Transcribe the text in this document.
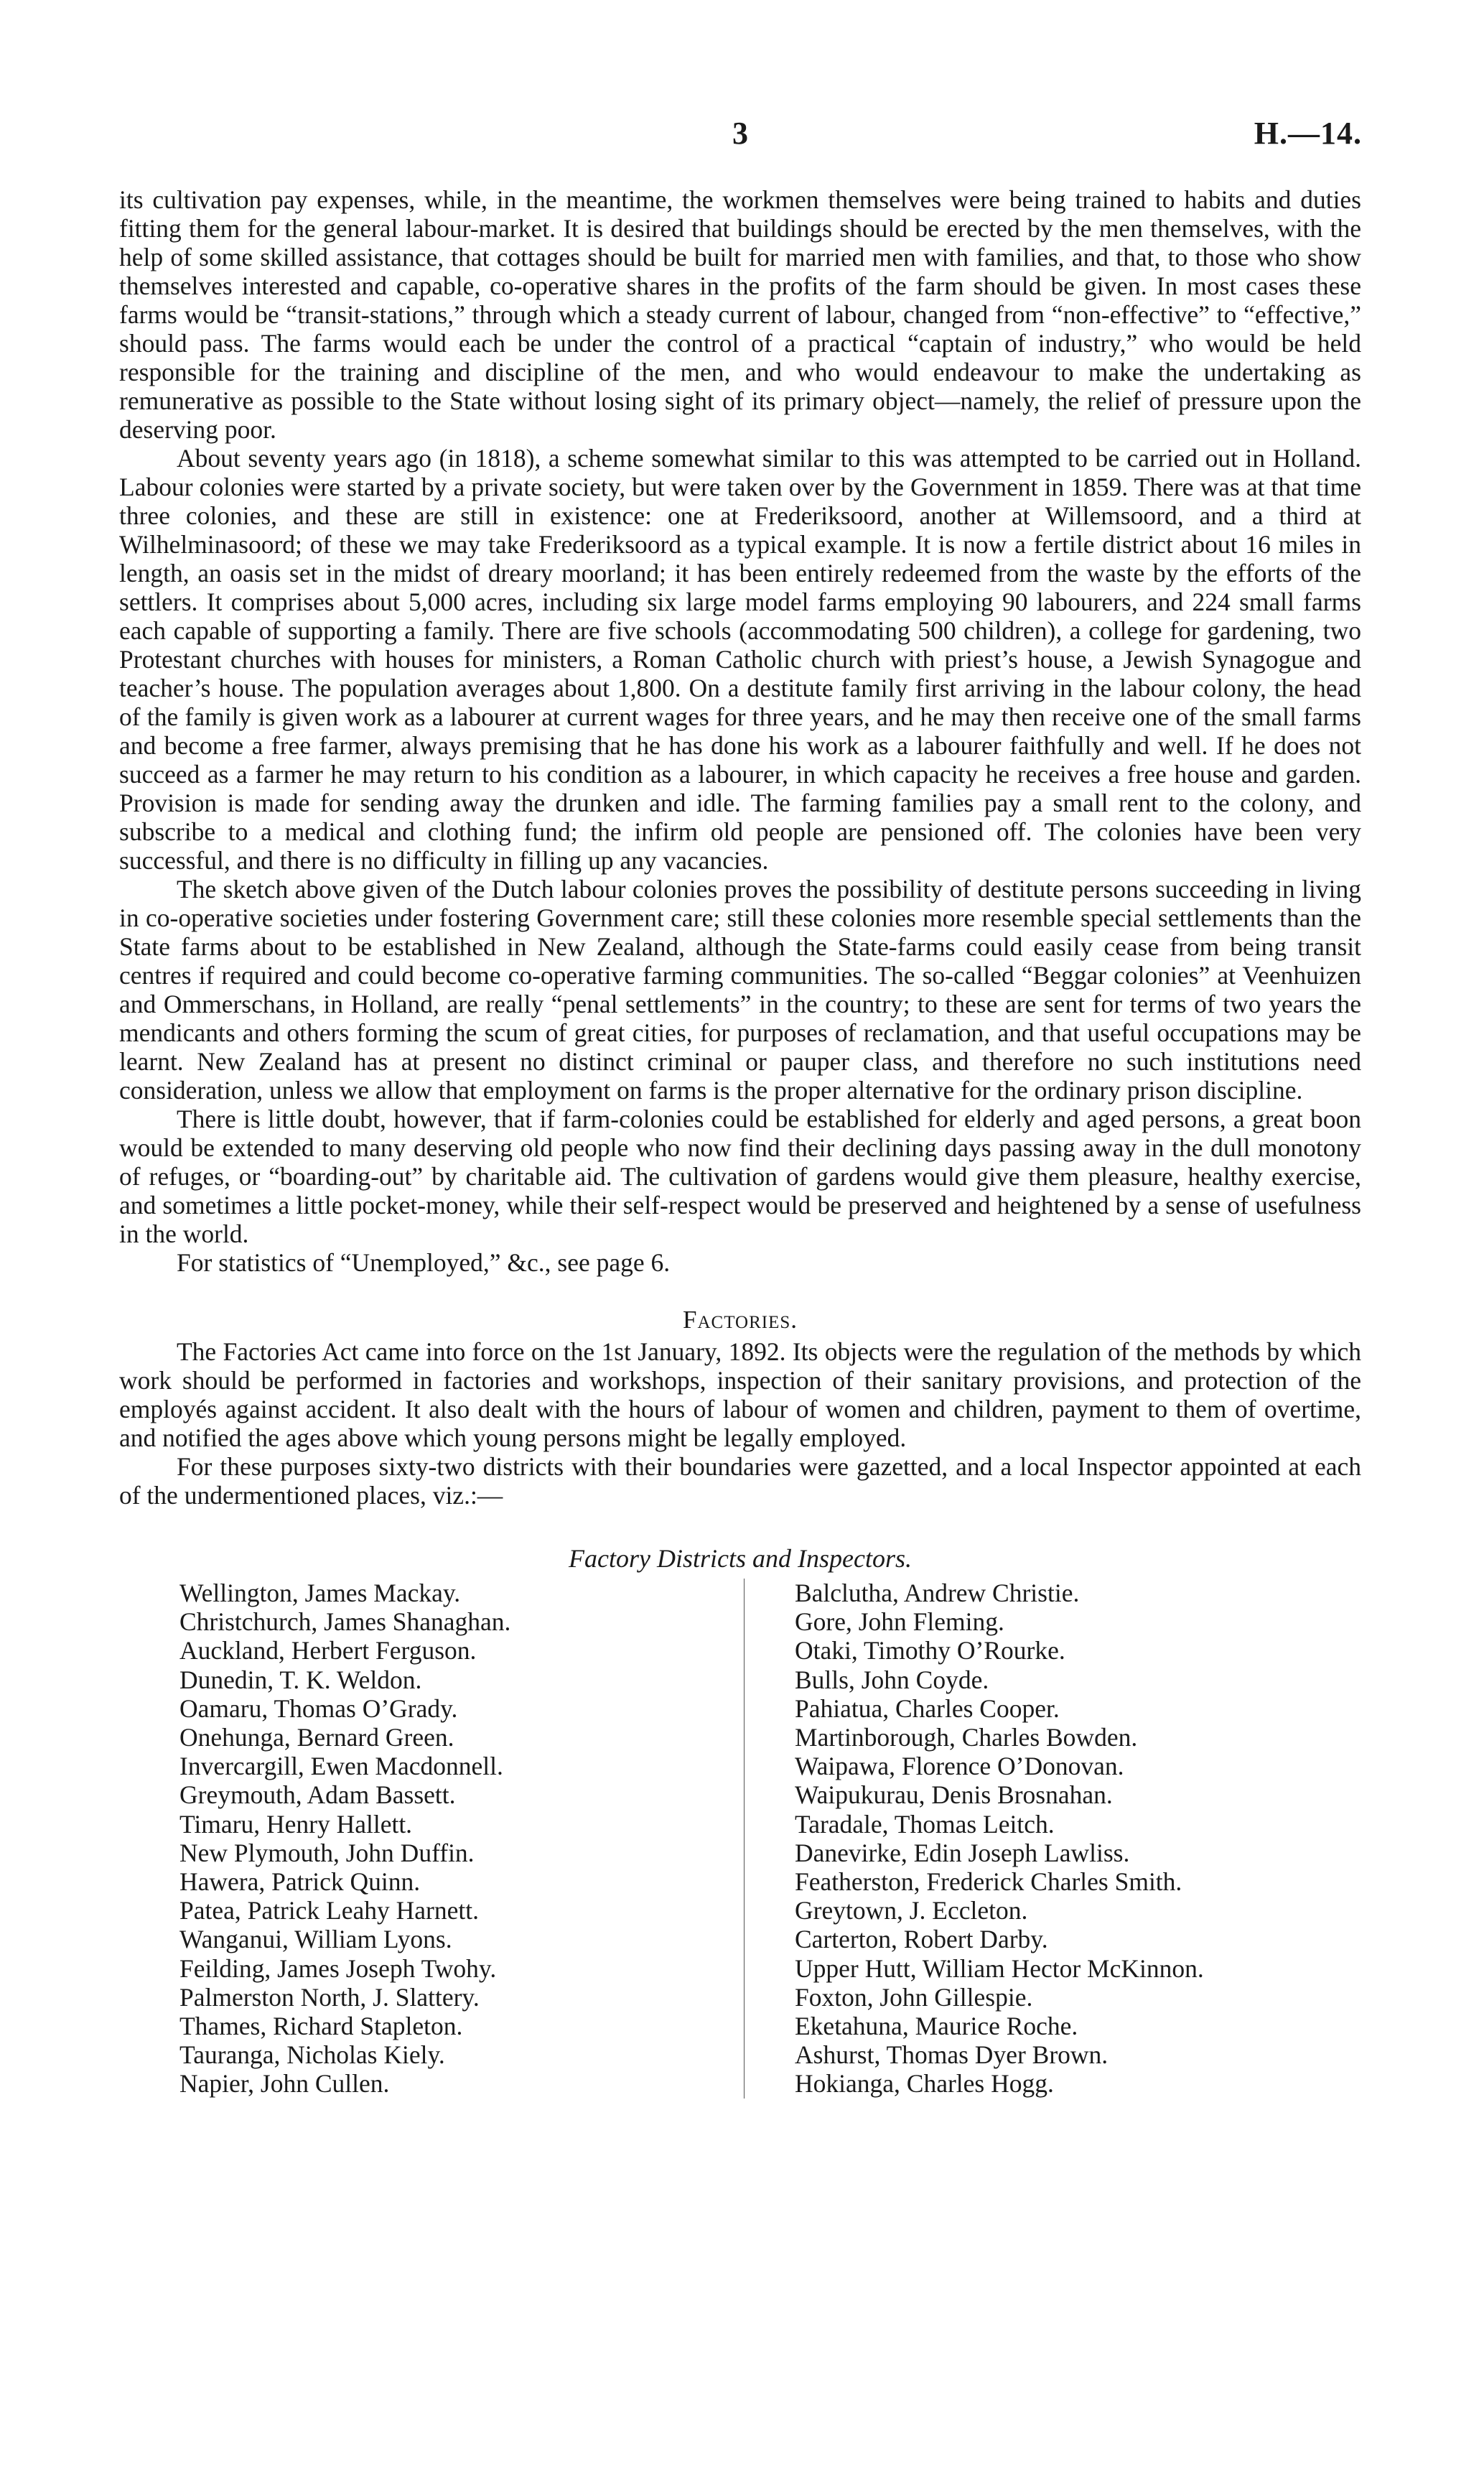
3	H.—14.

its cultivation pay expenses, while, in the meantime, the workmen themselves were being trained to habits and duties fitting them for the general labour-market. It is desired that buildings should be erected by the men themselves, with the help of some skilled assistance, that cottages should be built for married men with families, and that, to those who show themselves interested and capable, co-operative shares in the profits of the farm should be given. In most cases these farms would be “transit-stations,” through which a steady current of labour, changed from “non-effective” to “effective,” should pass. The farms would each be under the control of a practical “captain of industry,” who would be held responsible for the training and discipline of the men, and who would endeavour to make the undertaking as remunerative as possible to the State without losing sight of its primary object—namely, the relief of pressure upon the deserving poor.

About seventy years ago (in 1818), a scheme somewhat similar to this was attempted to be carried out in Holland. Labour colonies were started by a private society, but were taken over by the Government in 1859. There was at that time three colonies, and these are still in existence: one at Frederiksoord, another at Willemsoord, and a third at Wilhelminasoord; of these we may take Frederiksoord as a typical example. It is now a fertile district about 16 miles in length, an oasis set in the midst of dreary moorland; it has been entirely redeemed from the waste by the efforts of the settlers. It comprises about 5,000 acres, including six large model farms employing 90 labourers, and 224 small farms each capable of supporting a family. There are five schools (accommodating 500 children), a college for gardening, two Protestant churches with houses for ministers, a Roman Catholic church with priest’s house, a Jewish Synagogue and teacher’s house. The population averages about 1,800. On a destitute family first arriving in the labour colony, the head of the family is given work as a labourer at current wages for three years, and he may then receive one of the small farms and become a free farmer, always premising that he has done his work as a labourer faithfully and well. If he does not succeed as a farmer he may return to his condition as a labourer, in which capacity he receives a free house and garden. Provision is made for sending away the drunken and idle. The farming families pay a small rent to the colony, and subscribe to a medical and clothing fund; the infirm old people are pensioned off. The colonies have been very successful, and there is no difficulty in filling up any vacancies.

The sketch above given of the Dutch labour colonies proves the possibility of destitute persons succeeding in living in co-operative societies under fostering Government care; still these colonies more resemble special settlements than the State farms about to be established in New Zealand, although the State-farms could easily cease from being transit centres if required and could become co-operative farming communities. The so-called “Beggar colonies” at Veenhuizen and Ommerschans, in Holland, are really “penal settlements” in the country; to these are sent for terms of two years the mendicants and others forming the scum of great cities, for purposes of reclamation, and that useful occupations may be learnt. New Zealand has at present no distinct criminal or pauper class, and therefore no such institutions need consideration, unless we allow that employment on farms is the proper alternative for the ordinary prison discipline.

There is little doubt, however, that if farm-colonies could be established for elderly and aged persons, a great boon would be extended to many deserving old people who now find their declining days passing away in the dull monotony of refuges, or “boarding-out” by charitable aid. The cultivation of gardens would give them pleasure, healthy exercise, and sometimes a little pocket-money, while their self-respect would be preserved and heightened by a sense of usefulness in the world.

For statistics of “Unemployed,” &c., see page 6.

Factories.

The Factories Act came into force on the 1st January, 1892. Its objects were the regulation of the methods by which work should be performed in factories and workshops, inspection of their sanitary provisions, and protection of the employés against accident. It also dealt with the hours of labour of women and children, payment to them of overtime, and notified the ages above which young persons might be legally employed.

For these purposes sixty-two districts with their boundaries were gazetted, and a local Inspector appointed at each of the undermentioned places, viz.:—

Factory Districts and Inspectors.
Wellington, James Mackay.
Christchurch, James Shanaghan.
Auckland, Herbert Ferguson.
Dunedin, T. K. Weldon.
Oamaru, Thomas O’Grady.
Onehunga, Bernard Green.
Invercargill, Ewen Macdonnell.
Greymouth, Adam Bassett.
Timaru, Henry Hallett.
New Plymouth, John Duffin.
Hawera, Patrick Quinn.
Patea, Patrick Leahy Harnett.
Wanganui, William Lyons.
Feilding, James Joseph Twohy.
Palmerston North, J. Slattery.
Thames, Richard Stapleton.
Tauranga, Nicholas Kiely.
Napier, John Cullen.
Balclutha, Andrew Christie.
Gore, John Fleming.
Otaki, Timothy O’Rourke.
Bulls, John Coyde.
Pahiatua, Charles Cooper.
Martinborough, Charles Bowden.
Waipawa, Florence O’Donovan.
Waipukurau, Denis Brosnahan.
Taradale, Thomas Leitch.
Danevirke, Edin Joseph Lawliss.
Featherston, Frederick Charles Smith.
Greytown, J. Eccleton.
Carterton, Robert Darby.
Upper Hutt, William Hector McKinnon.
Foxton, John Gillespie.
Eketahuna, Maurice Roche.
Ashurst, Thomas Dyer Brown.
Hokianga, Charles Hogg.
